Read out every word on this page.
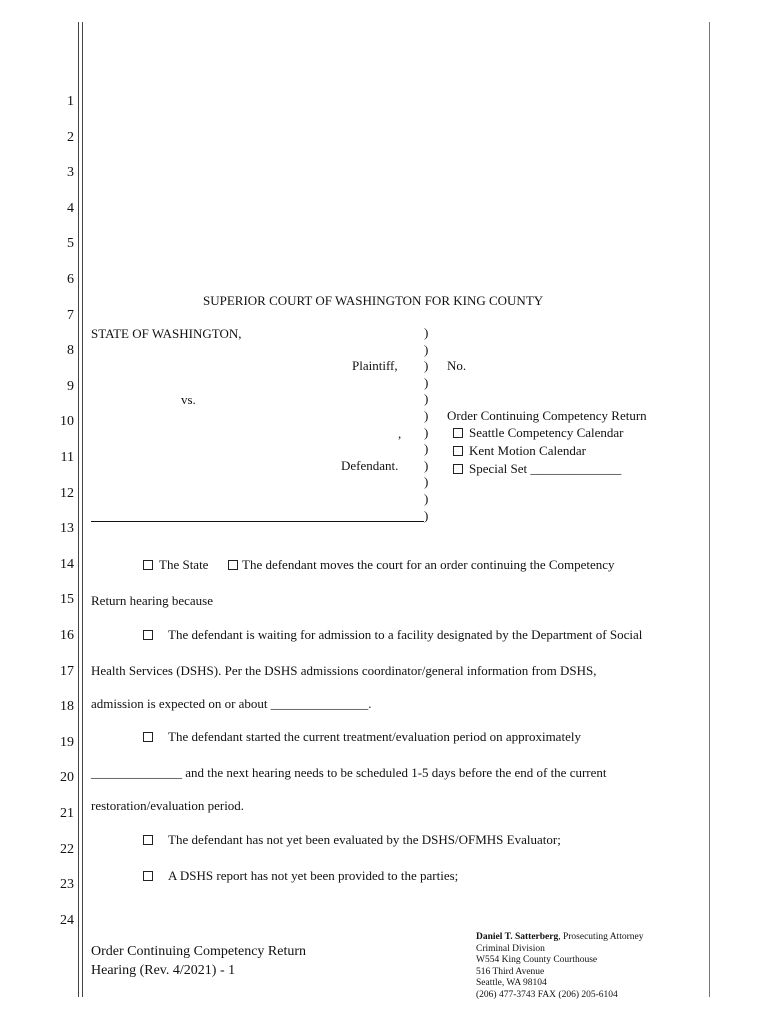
1
2
3
4
5
6
7
8
9
10
11
12
13
14
15
16
17
18
19
20
21
22
23
24
SUPERIOR COURT OF WASHINGTON FOR KING COUNTY
STATE OF WASHINGTON,
Plaintiff,
vs.
,
Defendant.
)
)
)
)
)
)
)
)
)
)
)
)
No.
Order Continuing Competency Return
Seattle Competency Calendar
Kent Motion Calendar
Special Set ______________
The State	The defendant moves the court for an order continuing the Competency
Return hearing because
The defendant is waiting for admission to a facility designated by the Department of Social
Health Services (DSHS). Per the DSHS admissions coordinator/general information from DSHS,
admission is expected on or about _______________.
The defendant started the current treatment/evaluation period on approximately
______________ and the next hearing needs to be scheduled 1-5 days before the end of the current
restoration/evaluation period.
The defendant has not yet been evaluated by the DSHS/OFMHS Evaluator;
A DSHS report has not yet been provided to the parties;
Order Continuing Competency Return
Hearing (Rev. 4/2021) - 1
Daniel T. Satterberg, Prosecuting Attorney
Criminal Division
W554 King County Courthouse
516 Third Avenue
Seattle, WA 98104
(206) 477-3743 FAX (206) 205-6104
